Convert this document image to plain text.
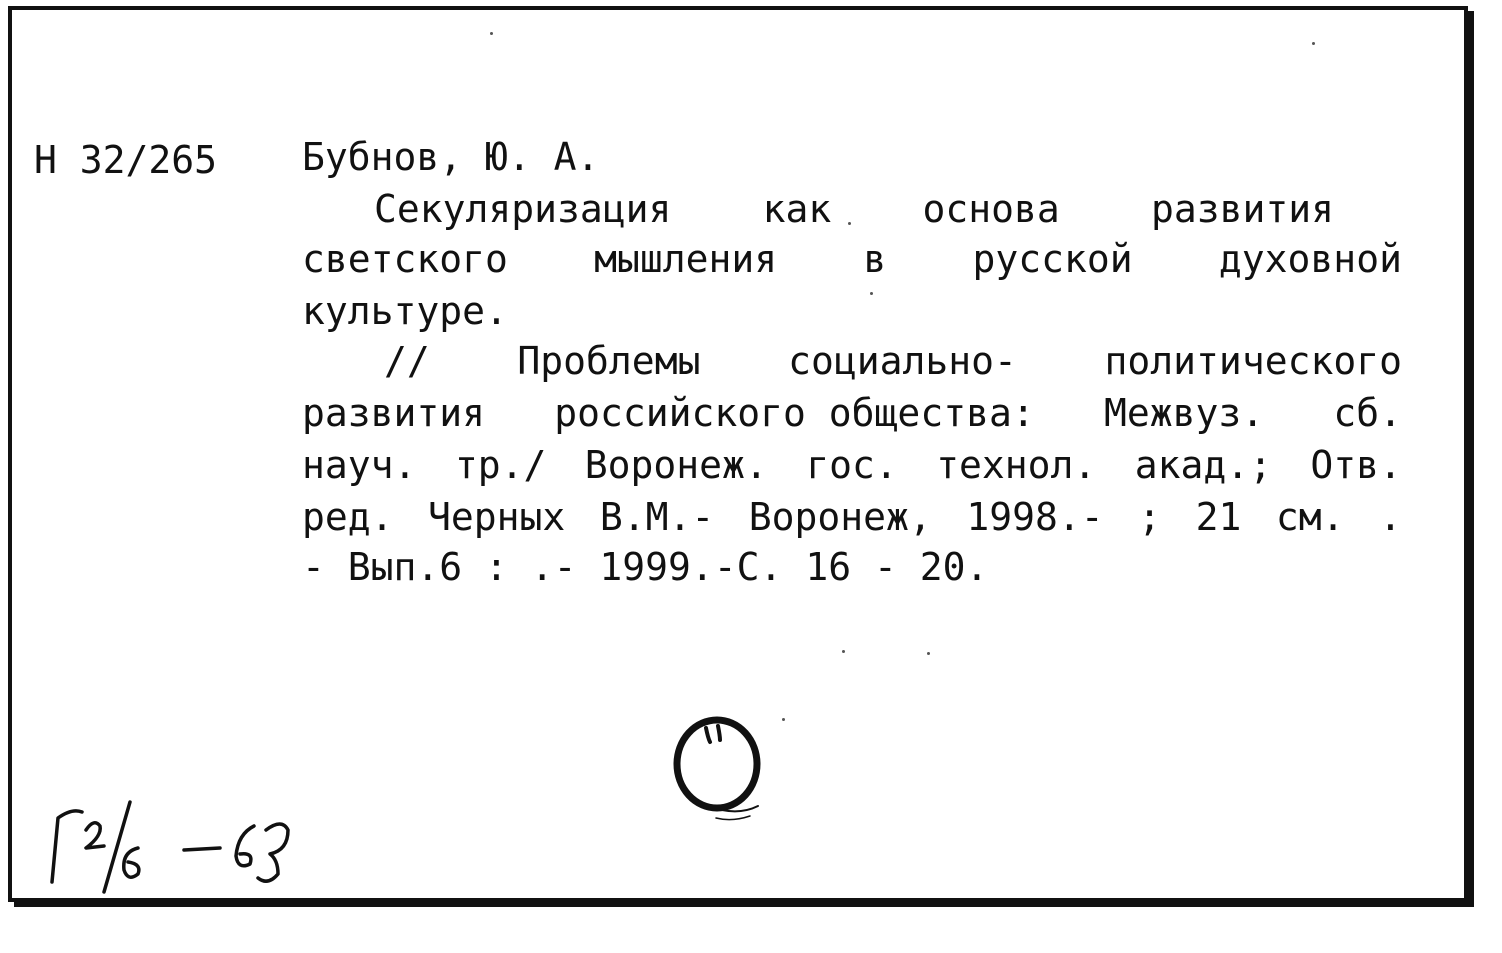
Н 32/265 Бубнов, Ю. А.
Секуляризация как основа развития
светского мышления в русской духовной
культуре.
// Проблемы социально- политического
развития российского общества: Межвуз. сб.
науч. тр./ Воронеж. гос. технол. акад.; Отв.
ред. Черных В.М.- Воронеж, 1998.- ; 21 см. .
- Вып.6 : .- 1999.-С. 16 - 20.
